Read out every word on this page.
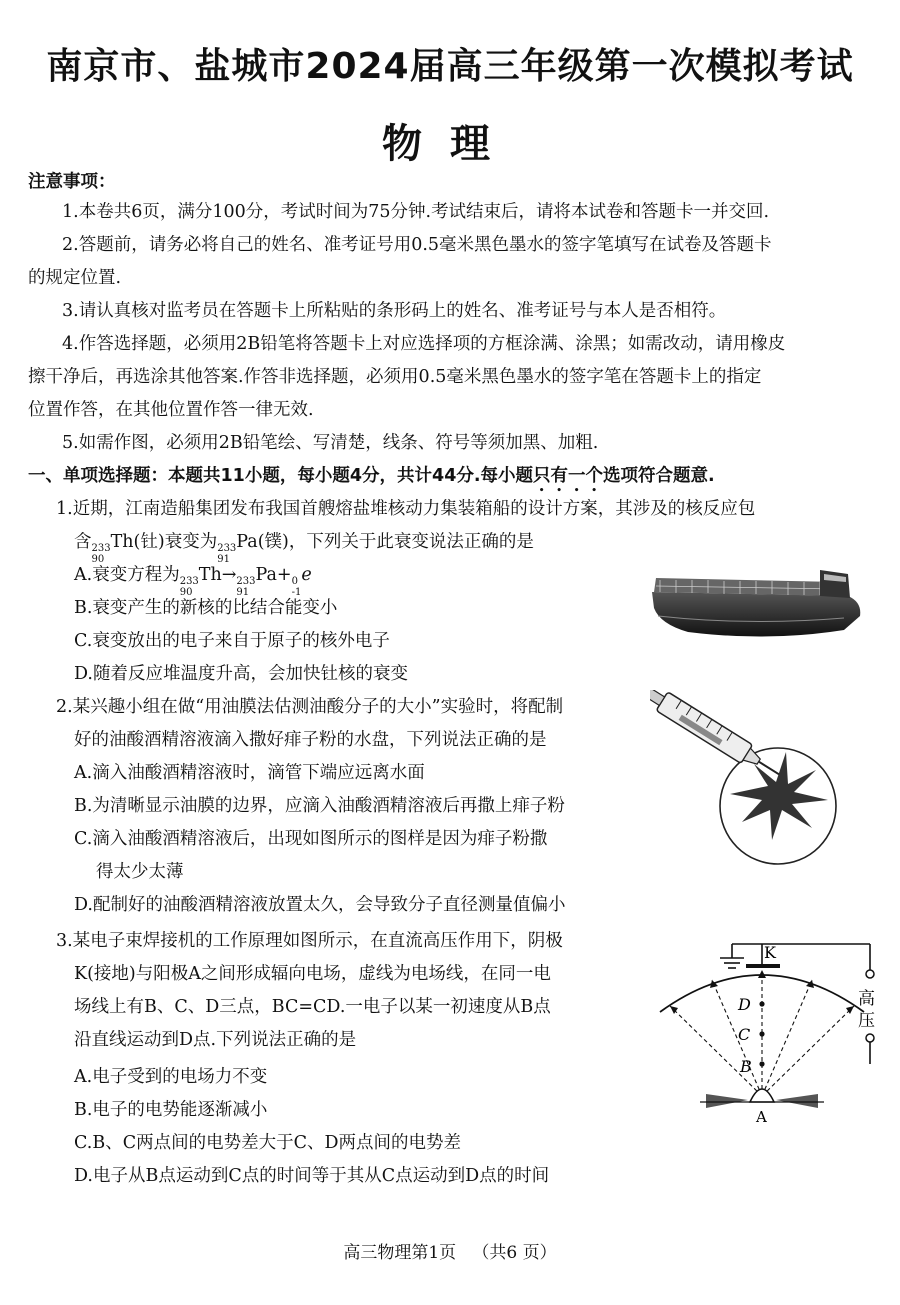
南京市、盐城市2024届高三年级第一次模拟考试
物理
注意事项：
1.本卷共6页，满分100分，考试时间为75分钟.考试结束后，请将本试卷和答题卡一并交回.
2.答题前，请务必将自己的姓名、准考证号用0.5毫米黑色墨水的签字笔填写在试卷及答题卡
的规定位置.
3.请认真核对监考员在答题卡上所粘贴的条形码上的姓名、准考证号与本人是否相符。
4.作答选择题，必须用2B铅笔将答题卡上对应选择项的方框涂满、涂黑；如需改动，请用橡皮
擦干净后，再选涂其他答案.作答非选择题，必须用0.5毫米黑色墨水的签字笔在答题卡上的指定
位置作答，在其他位置作答一律无效.
5.如需作图，必须用2B铅笔绘、写清楚，线条、符号等须加黑、加粗.
一、单项选择题：本题共11小题，每小题4分，共计44分.每小题只有一个选项符合题意.
1.近期，江南造船集团发布我国首艘熔盐堆核动力集装箱船的设计方案，其涉及的核反应包
含 233
90
Th(钍)衰变为 233
91
Pa(镤)，下列关于此衰变说法正确的是
A.衰变方程为 233
90
Th→ 233
91
Pa+ 0
-1
e
B.衰变产生的新核的比结合能变小
C.衰变放出的电子来自于原子的核外电子
D.随着反应堆温度升高，会加快钍核的衰变
2.某兴趣小组在做“用油膜法估测油酸分子的大小”实验时，将配制
好的油酸酒精溶液滴入撒好痱子粉的水盘，下列说法正确的是
A.滴入油酸酒精溶液时，滴管下端应远离水面
B.为清晰显示油膜的边界，应滴入油酸酒精溶液后再撒上痱子粉
C.滴入油酸酒精溶液后，出现如图所示的图样是因为痱子粉撒
得太少太薄
D.配制好的油酸酒精溶液放置太久，会导致分子直径测量值偏小
3.某电子束焊接机的工作原理如图所示，在直流高压作用下，阴极
K(接地)与阳极A之间形成辐向电场，虚线为电场线，在同一电
场线上有B、C、D三点，BC=CD.一电子以某一初速度从B点
沿直线运动到D点.下列说法正确的是
A.电子受到的电场力不变
B.电子的电势能逐渐减小
C.B、C两点间的电势差大于C、D两点间的电势差
D.电子从B点运动到C点的时间等于其从C点运动到D点的时间
K
高
压
D
C
B
A
高三物理第1页 （共6 页）
